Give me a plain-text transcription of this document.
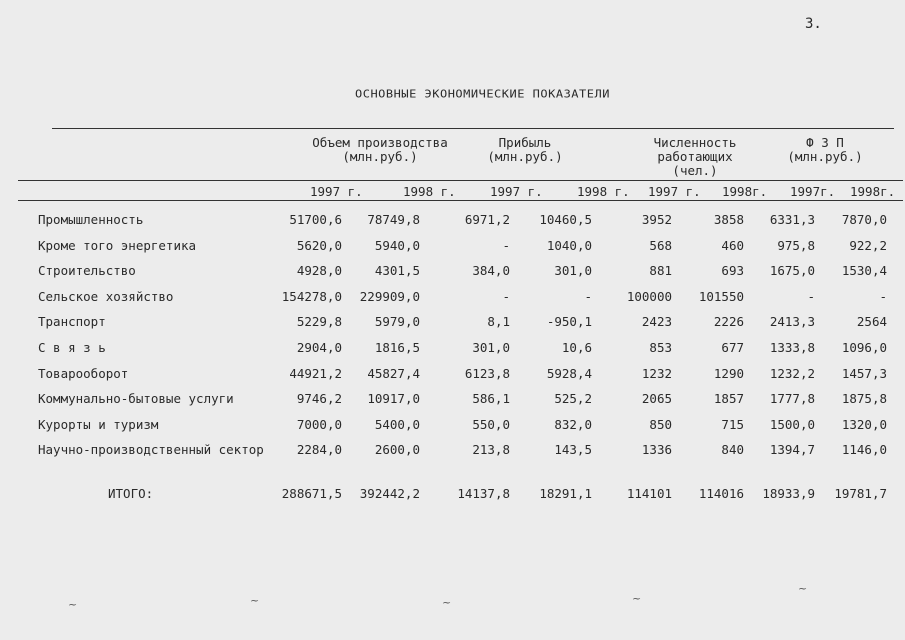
3.
ОСНОВНЫЕ ЭКОНОМИЧЕСКИЕ ПОКАЗАТЕЛИ
Объем производства
(млн.руб.)
Прибыль
(млн.руб.)
Численность
работающих
(чел.)
Ф З П
(млн.руб.)
1997 г.	1998 г.	1997 г.	1998 г. 1997 г. 1998г. 1997г. 1998г.
Промышленность	51700,6	78749,8	6971,2	10460,5	3952	3858	6331,3	7870,0
Кроме того энергетика	5620,0	5940,0	-	1040,0	568	460	975,8	922,2
Строительство	4928,0	4301,5	384,0	301,0	881	693	1675,0	1530,4
Сельское хозяйство	154278,0	229909,0	-	-	100000	101550	-	-
Транспорт	5229,8	5979,0	8,1	-950,1	2423	2226	2413,3	2564
С в я з ь	2904,0	1816,5	301,0	10,6	853	677	1333,8	1096,0
Товарооборот	44921,2	45827,4	6123,8	5928,4	1232	1290	1232,2	1457,3
Коммунально-бытовые услуги	9746,2	10917,0	586,1	525,2	2065	1857	1777,8	1875,8
Курорты и туризм	7000,0	5400,0	550,0	832,0	850	715	1500,0	1320,0
Научно-производственный сектор	2284,0	2600,0	213,8	143,5	1336	840	1394,7	1146,0
ИТОГО:	288671,5	392442,2	14137,8	18291,1	114101	114016	18933,9	19781,7
~	~	~	~
~
